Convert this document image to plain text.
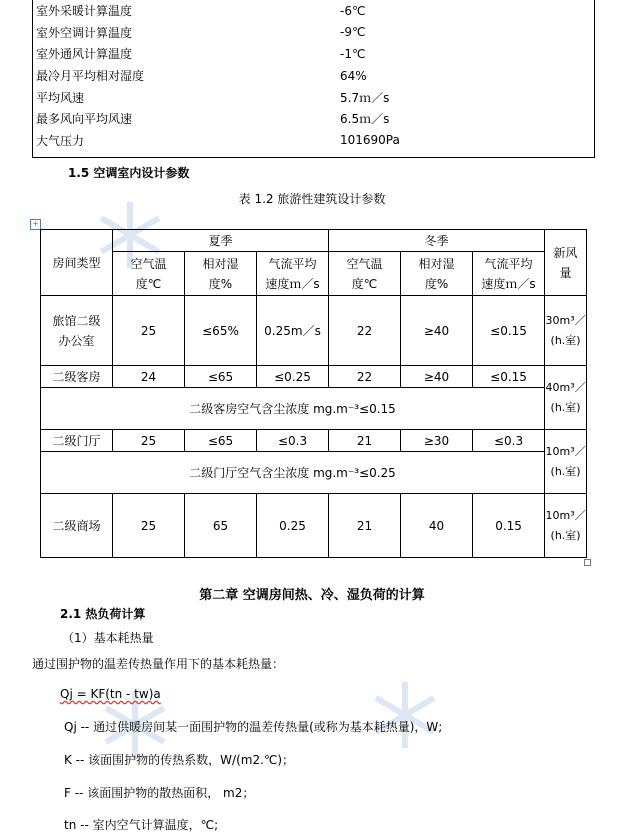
室外采暖计算温度	-6℃
室外空调计算温度	-9℃
室外通风计算温度	-1℃
最冷月平均相对湿度	64%
平均风速	5.7ｍ／s
最多风向平均风速	6.5ｍ／s
大气压力	101690Pa
1.5 空调室内设计参数
表 1.2 旅游性建筑设计参数
+
房间类型	夏季			冬季			新风量
	空气温度℃	相对湿度%	气流平均速度ｍ／s	空气温度℃	相对湿度%	气流平均速度ｍ／s	
旅馆二级办公室	25	≤65%	0.25m／s	22	≥40	≤0.15	30m³／(h.室)
二级客房	24	≤65	≤0.25	22	≥40	≤0.15	40m³／(h.室)
二级客房空气含尘浓度 mg.m⁻³≤0.15							
二级门厅	25	≤65	≤0.3	21	≥30	≤0.3	10m³／(h.室)
二级门厅空气含尘浓度 mg.m⁻³≤0.25							
二级商场	25	65	0.25	21	40	0.15	10m³／(h.室)
第二章 空调房间热、冷、湿负荷的计算
2.1 热负荷计算
（1）基本耗热量
通过围护物的温差传热量作用下的基本耗热量：
Qj = KF(tn - tw)a
Qj -- 通过供暖房间某一面围护物的温差传热量(或称为基本耗热量)，W;
K -- 该面围护物的传热系数，W/(m2.℃)；
F -- 该面围护物的散热面积， m2；
tn -- 室内空气计算温度，℃;
